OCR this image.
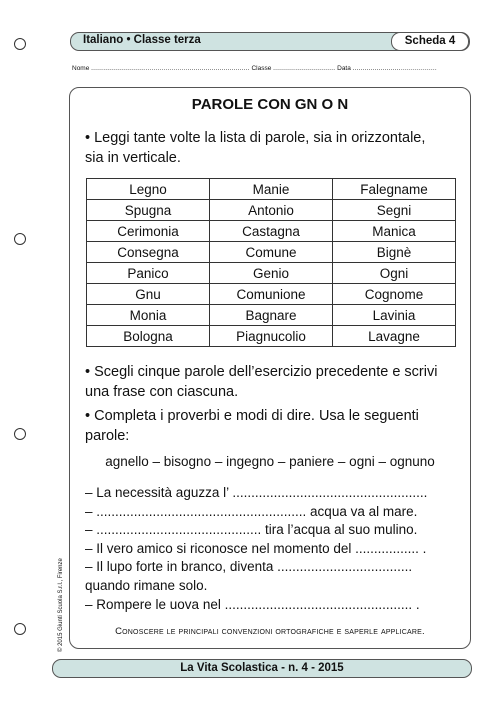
Italiano • Classe terza	Scheda 4
Nome ............................................................................... Classe ............................... Data ..........................................
PAROLE CON GN O N
• Leggi tante volte la lista di parole, sia in orizzontale, sia in verticale.
Legno	Manie	Falegname
Spugna	Antonio	Segni
Cerimonia	Castagna	Manica
Consegna	Comune	Bignè
Panico	Genio	Ogni
Gnu	Comunione	Cognome
Monia	Bagnare	Lavinia
Bologna	Piagnucolio	Lavagne
• Scegli cinque parole dell’esercizio precedente e scrivi una frase con ciascuna.
• Completa i proverbi e modi di dire. Usa le seguenti parole:
agnello – bisogno – ingegno – paniere – ogni – ognuno
– La necessità aguzza l’ ....................................................
– ........................................................ acqua va al mare.
– ............................................ tira l’acqua al suo mulino.
– Il vero amico si riconosce nel momento del ................. .
– Il lupo forte in branco, diventa ....................................
quando rimane solo.
– Rompere le uova nel .................................................. .
Conoscere le principali convenzioni ortografiche e saperle applicare.
© 2015 Giunti Scuola S.r.l., Firenze
La Vita Scolastica - n. 4 - 2015
